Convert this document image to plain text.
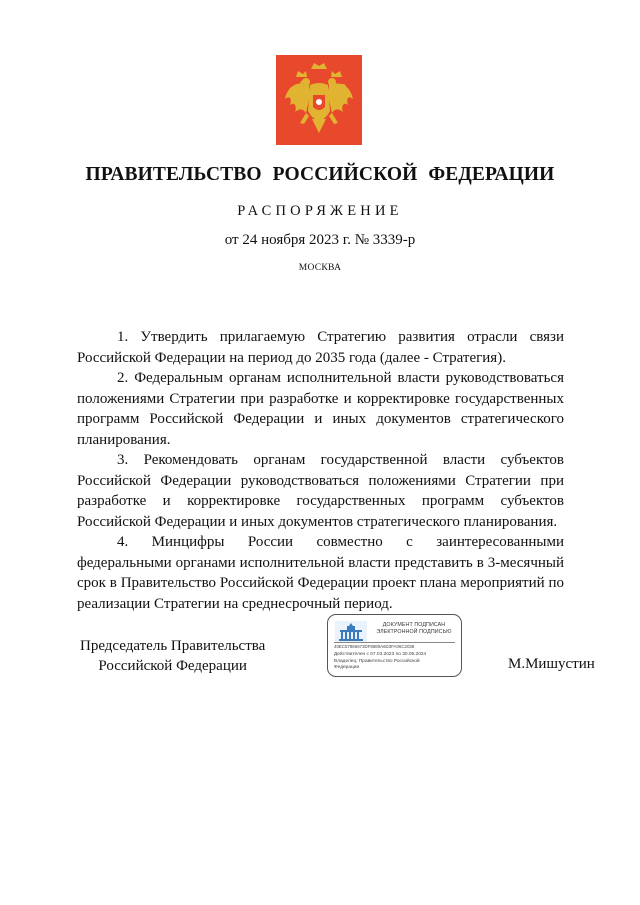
ПРАВИТЕЛЬСТВО РОССИЙСКОЙ ФЕДЕРАЦИИ
РАСПОРЯЖЕНИЕ
от 24 ноября 2023 г. № 3339-р
МОСКВА

1. Утвердить прилагаемую Стратегию развития отрасли связи Российской Федерации на период до 2035 года (далее - Стратегия).

2. Федеральным органам исполнительной власти руководствоваться положениями Стратегии при разработке и корректировке государственных программ Российской Федерации и иных документов стратегического планирования.

3. Рекомендовать органам государственной власти субъектов Российской Федерации руководствоваться положениями Стратегии при разработке и корректировке государственных программ субъектов Российской Федерации и иных документов стратегического планирования.

4. Минцифры России совместно с заинтересованными федеральными органами исполнительной власти представить в 3-месячный срок в Правительство Российской Федерации проект плана мероприятий по реализации Стратегии на среднесрочный период.

Председатель Правительства
Российской Федерации
ДОКУМЕНТ ПОДПИСАН
ЭЛЕКТРОННОЙ ПОДПИСЬЮ
40EC57866673DF8880A6D3FA06C2038
Действителен с 07.03.2023 по 30.05.2024
Владелец: Правительство Российской Федерации	М.Мишустин
